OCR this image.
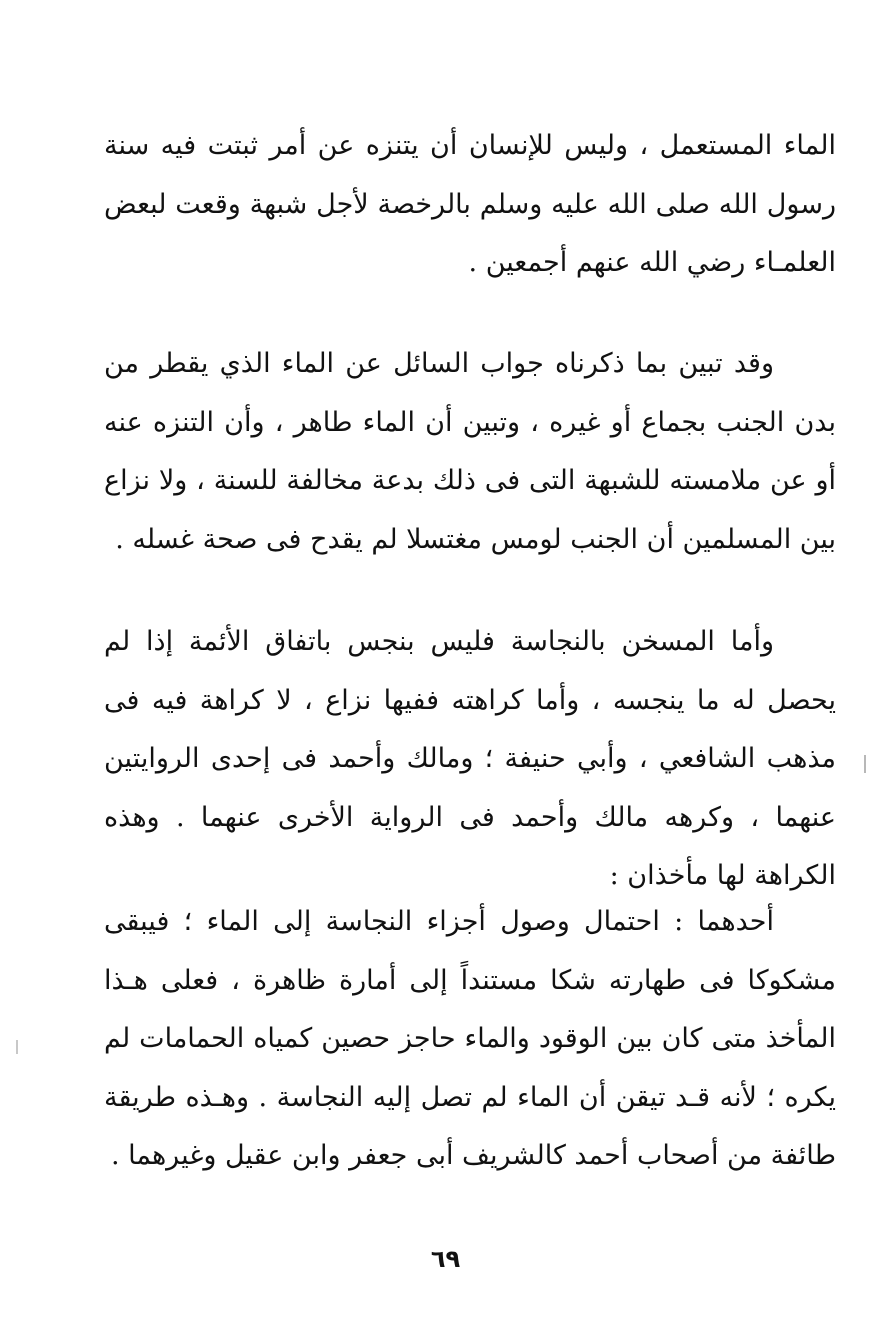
الماء المستعمل ، وليس للإنسان أن يتنزه عن أمر ثبتت فيه سنة رسول الله صلى الله عليه وسلم بالرخصة لأجل شبهة وقعت لبعض العلمـاء رضي الله عنهم أجمعين .

وقد تبين بما ذكرناه جواب السائل عن الماء الذي يقطر من بدن الجنب بجماع أو غيره ، وتبين أن الماء طاهر ، وأن التنزه عنه أو عن ملامسته للشبهة التى فى ذلك بدعة مخالفة للسنة ، ولا نزاع بين المسلمين أن الجنب لومس مغتسلا لم يقدح فى صحة غسله .

وأما المسخن بالنجاسة فليس بنجس باتفاق الأئمة إذا لم يحصل له ما ينجسه ، وأما كراهته ففيها نزاع ، لا كراهة فيه فى مذهب الشافعي ، وأبي حنيفة ؛ ومالك وأحمد فى إحدى الروايتين عنهما ، وكرهه مالك وأحمد فى الرواية الأخرى عنهما . وهذه الكراهة لها مأخذان :

أحدهما : احتمال وصول أجزاء النجاسة إلى الماء ؛ فيبقى مشكوكا فى طهارته شكا مستنداً إلى أمارة ظاهرة ، فعلى هـذا المأخذ متى كان بين الوقود والماء حاجز حصين كمياه الحمامات لم يكره ؛ لأنه قـد تيقن أن الماء لم تصل إليه النجاسة . وهـذه طريقة طائفة من أصحاب أحمد كالشريف أبى جعفر وابن عقيل وغيرهما .

٦٩
